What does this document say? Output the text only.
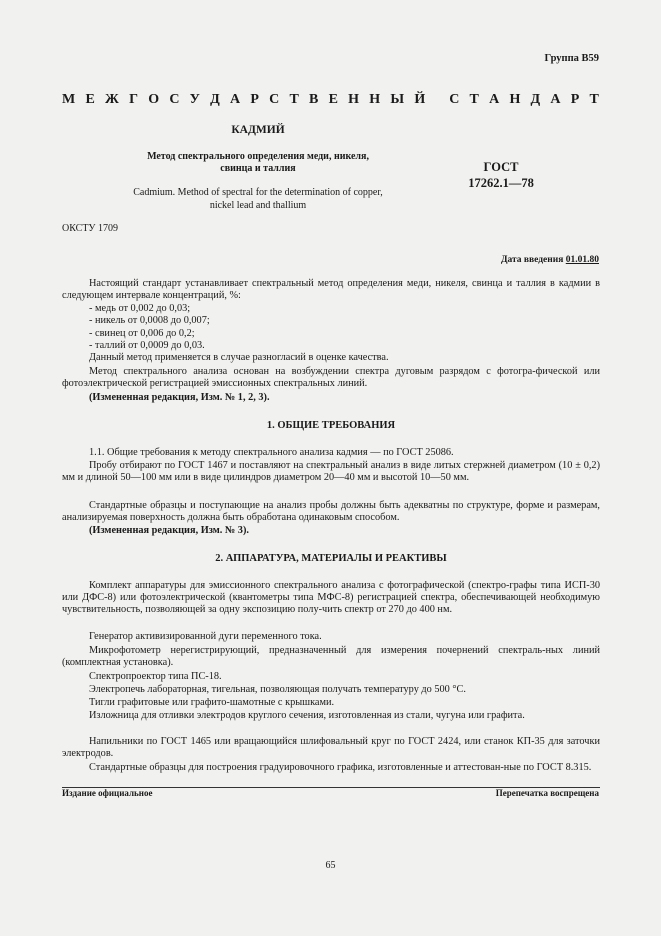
Группа В59
М Е Ж Г О С У Д А Р С Т В Е Н Н Ы Й
С Т А Н Д А Р Т
КАДМИЙ
Метод спектрального определения меди, никеля,
свинца и таллия
Cadmium. Method of spectral for the determination of copper,
nickel lead and thallium
ГОСТ
17262.1—78
ОКСТУ 1709
Дата введения 01.01.80
Настоящий стандарт устанавливает спектральный метод определения меди, никеля, свинца и таллия в кадмии в следующем интервале концентраций, %:
- медь от 0,002 до 0,03;
- никель от 0,0008 до 0,007;
- свинец от 0,006 до 0,2;
- таллий от 0,0009 до 0,03.
Данный метод применяется в случае разногласий в оценке качества.
Метод спектрального анализа основан на возбуждении спектра дуговым разрядом с фотогра-фической или фотоэлектрической регистрацией эмиссионных спектральных линий.
(Измененная редакция, Изм. № 1, 2, 3).
1. ОБЩИЕ ТРЕБОВАНИЯ
1.1. Общие требования к методу спектрального анализа кадмия — по ГОСТ 25086.
Пробу отбирают по ГОСТ 1467 и поставляют на спектральный анализ в виде литых стержней диаметром (10 ± 0,2) мм и длиной 50—100 мм или в виде цилиндров диаметром 20—40 мм и высотой 10—50 мм.
Стандартные образцы и поступающие на анализ пробы должны быть адекватны по структуре, форме и размерам, анализируемая поверхность должна быть обработана одинаковым способом.
(Измененная редакция, Изм. № 3).
2. АППАРАТУРА, МАТЕРИАЛЫ И РЕАКТИВЫ
Комплект аппаратуры для эмиссионного спектрального анализа с фотографической (спектро-графы типа ИСП-30 или ДФС-8) или фотоэлектрической (квантометры типа МФС-8) регистрацией спектра, обеспечивающей необходимую чувствительность, позволяющей за одну экспозицию полу-чить спектр от 270 до 400 нм.
Генератор активизированной дуги переменного тока.
Микрофотометр нерегистрирующий, предназначенный для измерения почернений спектраль-ных линий (комплектная установка).
Спектропроектор типа ПС-18.
Электропечь лабораторная, тигельная, позволяющая получать температуру до 500 °С.
Тигли графитовые или графито-шамотные с крышками.
Изложница для отливки электродов круглого сечения, изготовленная из стали, чугуна или графита.
Напильники по ГОСТ 1465 или вращающийся шлифовальный круг по ГОСТ 2424, или станок КП-35 для заточки электродов.
Стандартные образцы для построения градуировочного графика, изготовленные и аттестован-ные по ГОСТ 8.315.
Издание официальное	Перепечатка воспрещена
65
